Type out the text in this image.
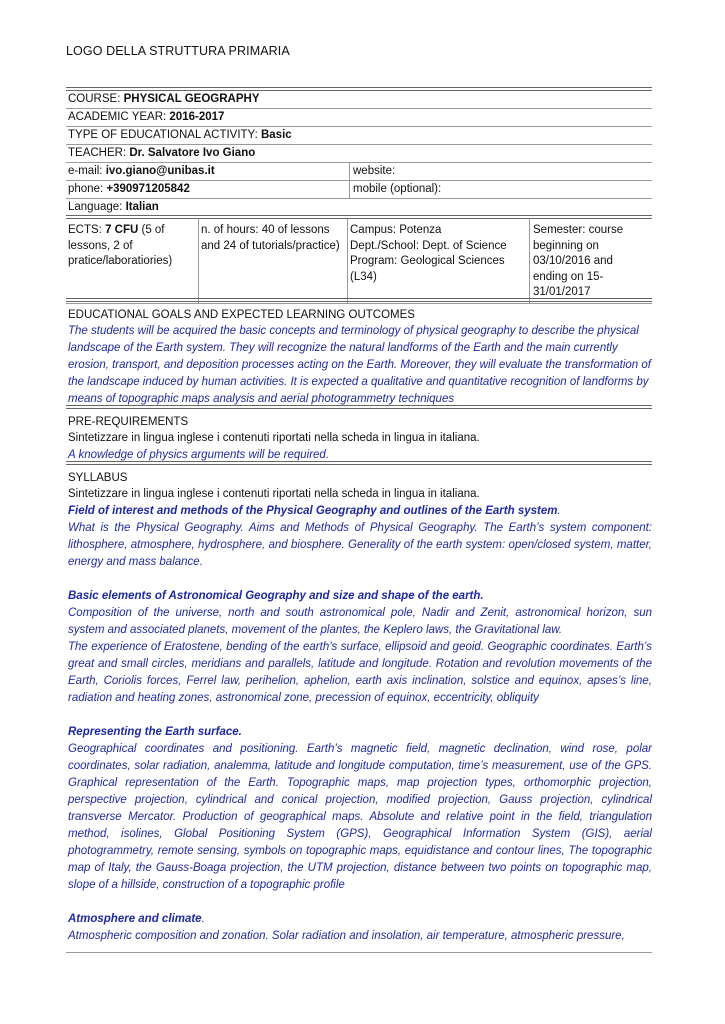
LOGO DELLA STRUTTURA PRIMARIA
COURSE: PHYSICAL GEOGRAPHY
ACADEMIC YEAR: 2016-2017
TYPE OF EDUCATIONAL ACTIVITY: Basic
TEACHER: Dr. Salvatore Ivo Giano
e-mail: ivo.giano@unibas.it	website:
phone: +390971205842	mobile (optional):
Language: Italian
ECTS: 7 CFU (5 of lessons, 2 of pratice/laboratiories)
n. of hours: 40 of lessons and 24 of tutorials/practice)
Campus: Potenza
Dept./School: Dept. of Science
Program: Geological Sciences (L34)
Semester: course beginning on 03/10/2016 and ending on 15-31/01/2017
EDUCATIONAL GOALS AND EXPECTED LEARNING OUTCOMES

The students will be acquired the basic concepts and terminology of physical geography to describe the physical landscape of the Earth system. They will recognize the natural landforms of the Earth and the main currently erosion, transport, and deposition processes acting on the Earth. Moreover, they will evaluate the transformation of the landscape induced by human activities. It is expected a qualitative and quantitative recognition of landforms by means of topographic maps analysis and aerial photogrammetry techniques

PRE-REQUIREMENTS
Sintetizzare in lingua inglese i contenuti riportati nella scheda in lingua in italiana.

A knowledge of physics arguments will be required.

SYLLABUS
Sintetizzare in lingua inglese i contenuti riportati nella scheda in lingua in italiana.

Field of interest and methods of the Physical Geography and outlines of the Earth system.

What is the Physical Geography. Aims and Methods of Physical Geography. The Earth’s system component: lithosphere, atmosphere, hydrosphere, and biosphere. Generality of the earth system: open/closed system, matter, energy and mass balance.

Basic elements of Astronomical Geography and size and shape of the earth.

Composition of the universe, north and south astronomical pole, Nadir and Zenit, astronomical horizon, sun system and associated planets, movement of the plantes, the Keplero laws, the Gravitational law.

The experience of Eratostene, bending of the earth’s surface, ellipsoid and geoid. Geographic coordinates. Earth’s great and small circles, meridians and parallels, latitude and longitude. Rotation and revolution movements of the Earth, Coriolis forces, Ferrel law, perihelion, aphelion, earth axis inclination, solstice and equinox, apses’s line, radiation and heating zones, astronomical zone, precession of equinox, eccentricity, obliquity

Representing the Earth surface.

Geographical coordinates and positioning. Earth’s magnetic field, magnetic declination, wind rose, polar coordinates, solar radiation, analemma, latitude and longitude computation, time’s measurement, use of the GPS. Graphical representation of the Earth. Topographic maps, map projection types, orthomorphic projection, perspective projection, cylindrical and conical projection, modified projection, Gauss projection, cylindrical transverse Mercator. Production of geographical maps. Absolute and relative point in the field, triangulation method, isolines, Global Positioning System (GPS), Geographical Information System (GIS), aerial photogrammetry, remote sensing, symbols on topographic maps, equidistance and contour lines, The topographic map of Italy, the Gauss-Boaga projection, the UTM projection, distance between two points on topographic map, slope of a hillside, construction of a topographic profile

Atmosphere and climate.

Atmospheric composition and zonation. Solar radiation and insolation, air temperature, atmospheric pressure,
